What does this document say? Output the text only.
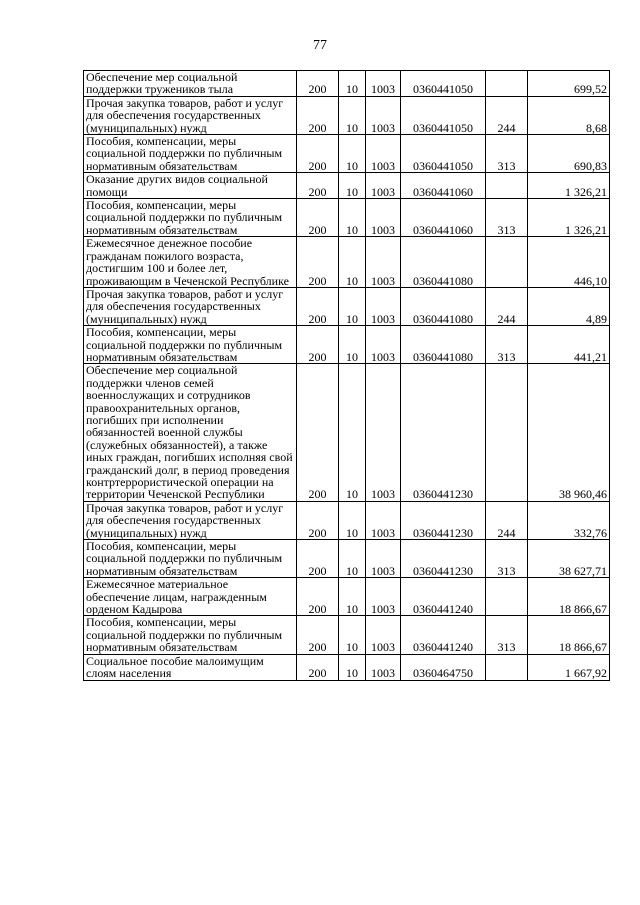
77
Обеспечение мер социальной поддержки тружеников тыла	200	10	1003	0360441050		699,52
Прочая закупка товаров, работ и услуг для обеспечения государственных (муниципальных) нужд	200	10	1003	0360441050	244	8,68
Пособия, компенсации, меры социальной поддержки по публичным нормативным обязательствам	200	10	1003	0360441050	313	690,83
Оказание других видов социальной помощи	200	10	1003	0360441060		1 326,21
Пособия, компенсации, меры социальной поддержки по публичным нормативным обязательствам	200	10	1003	0360441060	313	1 326,21
Ежемесячное денежное пособие гражданам пожилого возраста, достигшим 100 и более лет, проживающим в Чеченской Республике	200	10	1003	0360441080		446,10
Прочая закупка товаров, работ и услуг для обеспечения государственных (муниципальных) нужд	200	10	1003	0360441080	244	4,89
Пособия, компенсации, меры социальной поддержки по публичным нормативным обязательствам	200	10	1003	0360441080	313	441,21
Обеспечение мер социальной поддержки членов семей военнослужащих и сотрудников правоохранительных органов, погибших при исполнении обязанностей военной службы (служебных обязанностей), а также иных граждан, погибших исполняя свой гражданский долг, в период проведения контртеррористической операции на территории Чеченской Республики	200	10	1003	0360441230		38 960,46
Прочая закупка товаров, работ и услуг для обеспечения государственных (муниципальных) нужд	200	10	1003	0360441230	244	332,76
Пособия, компенсации, меры социальной поддержки по публичным нормативным обязательствам	200	10	1003	0360441230	313	38 627,71
Ежемесячное материальное обеспечение лицам, награжденным орденом Кадырова	200	10	1003	0360441240		18 866,67
Пособия, компенсации, меры социальной поддержки по публичным нормативным обязательствам	200	10	1003	0360441240	313	18 866,67
Социальное пособие малоимущим слоям населения	200	10	1003	0360464750		1 667,92
